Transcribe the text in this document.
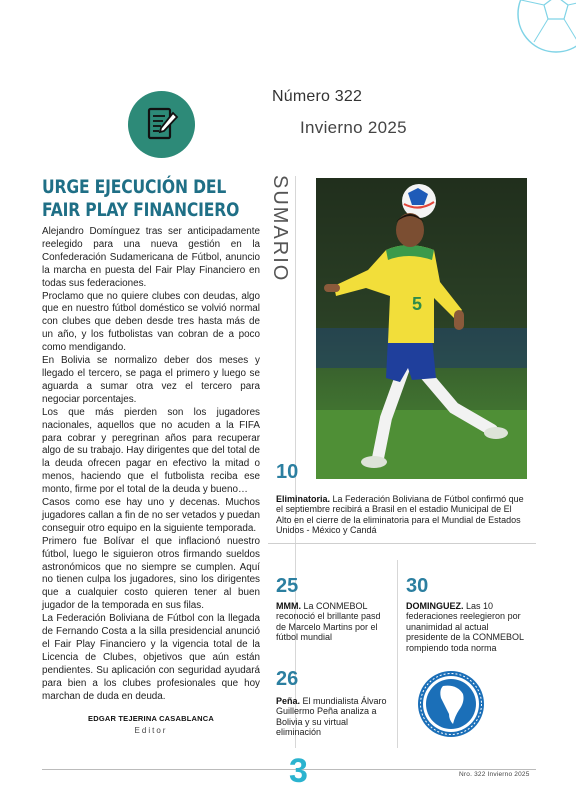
Número 322
Invierno 2025
URGE EJECUCIÓN DEL
FAIR PLAY FINANCIERO

Alejandro Domínguez tras ser anticipadamente reelegido para una nueva gestión en la Confederación Sudamericana de Fútbol, anuncio la marcha en puesta del Fair Play Financiero en todas sus federaciones.

Proclamo que no quiere clubes con deudas, algo que en nuestro fútbol doméstico se volvió normal con clubes que deben desde tres hasta más de un año, y los futbolistas van cobran de a poco como mendigando.

En Bolivia se normalizo deber dos meses y llegado el tercero, se paga el primero y luego se aguarda a sumar otra vez el tercero para negociar porcentajes.

Los que más pierden son los jugadores nacionales, aquellos que no acuden a la FIFA para cobrar y peregrinan años para recuperar algo de su trabajo. Hay dirigentes que del total de la deuda ofrecen pagar en efectivo la mitad o menos, haciendo que el futbolista reciba ese monto, firme por el total de la deuda y bueno…

Casos como ese hay uno y decenas. Muchos jugadores callan a fin de no ser vetados y puedan conseguir otro equipo en la siguiente temporada.

Primero fue Bolívar el que inflacionó nuestro fútbol, luego le siguieron otros firmando sueldos astronómicos que no siempre se cumplen. Aquí no tienen culpa los jugadores, sino los dirigentes que a cualquier costo quieren tener al buen jugador de la temporada en sus filas.

La Federación Boliviana de Fútbol con la llegada de Fernando Costa a la silla presidencial anunció el Fair Play Financiero y la vigencia total de la Licencia de Clubes, objetivos que aún están pendientes. Su aplicación con seguridad ayudará para bien a los clubes profesionales que hoy marchan de duda en deuda.

EDGAR TEJERINA CASABLANCA
Editor
SUMARIO
5
10
Eliminatoria. La Federación Boliviana de Fútbol confirmó que el septiembre recibirá a Brasil en el estadio Municipal de El Alto en el cierre de la eliminatoria para el Mundial de Estados Unidos - México y Candá
25
MMM. La CONMEBOL reconoció el brillante pasd de Marcelo Martins por el fútbol mundial
30
DOMINGUEZ. Las 10 federaciones reelegieron por unanimidad al actual presidente de la CONMEBOL rompiendo toda norma
26
Peña. El mundialista Álvaro Guillermo Peña analiza a Bolivia y su virtual eliminación
3	Nro. 322 Invierno 2025
